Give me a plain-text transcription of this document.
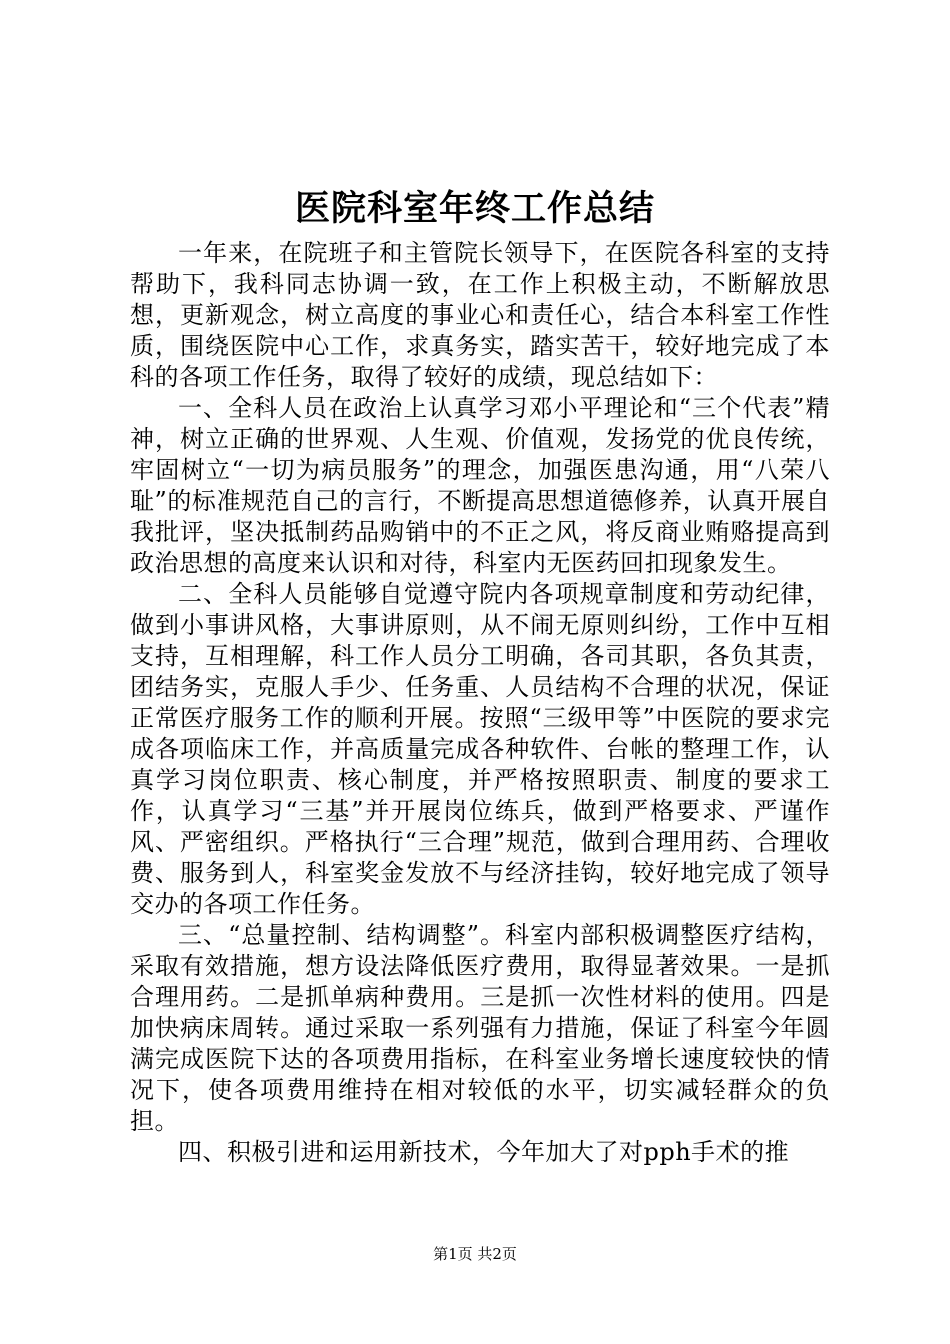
医院科室年终工作总结

一年来，在院班子和主管院长领导下，在医院各科室的支持帮助下，我科同志协调一致，在工作上积极主动，不断解放思想，更新观念，树立高度的事业心和责任心，结合本科室工作性质，围绕医院中心工作，求真务实，踏实苦干，较好地完成了本科的各项工作任务，取得了较好的成绩，现总结如下：

一、全科人员在政治上认真学习邓小平理论和“三个代表”精神，树立正确的世界观、人生观、价值观，发扬党的优良传统，牢固树立“一切为病员服务”的理念，加强医患沟通，用“八荣八耻”的标准规范自己的言行，不断提高思想道德修养，认真开展自我批评，坚决抵制药品购销中的不正之风，将反商业贿赂提高到政治思想的高度来认识和对待，科室内无医药回扣现象发生。

二、全科人员能够自觉遵守院内各项规章制度和劳动纪律，做到小事讲风格，大事讲原则，从不闹无原则纠纷，工作中互相支持，互相理解，科工作人员分工明确，各司其职，各负其责，团结务实，克服人手少、任务重、人员结构不合理的状况，保证正常医疗服务工作的顺利开展。按照“三级甲等”中医院的要求完成各项临床工作，并高质量完成各种软件、台帐的整理工作，认真学习岗位职责、核心制度，并严格按照职责、制度的要求工作，认真学习“三基”并开展岗位练兵，做到严格要求、严谨作风、严密组织。严格执行“三合理”规范，做到合理用药、合理收费、服务到人，科室奖金发放不与经济挂钩，较好地完成了领导交办的各项工作任务。

三、“总量控制、结构调整”。科室内部积极调整医疗结构，采取有效措施，想方设法降低医疗费用，取得显著效果。一是抓合理用药。二是抓单病种费用。三是抓一次性材料的使用。四是加快病床周转。通过采取一系列强有力措施，保证了科室今年圆满完成医院下达的各项费用指标，在科室业务增长速度较快的情况下，使各项费用维持在相对较低的水平，切实减轻群众的负担。

四、积极引进和运用新技术，今年加大了对pph手术的推

第1页 共2页
